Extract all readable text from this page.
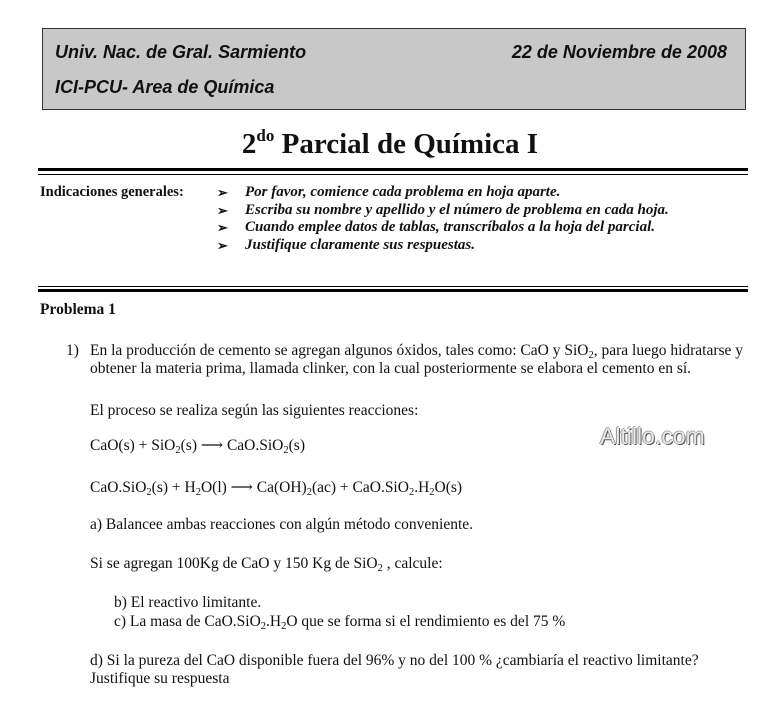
Univ. Nac. de Gral. Sarmiento	22 de Noviembre de 2008
ICI-PCU- Area de Química
$2^{do}$ Parcial de Química I
Indicaciones generales:	➢ Por favor, comience cada problema en hoja aparte.
➢ Escriba su nombre y apellido y el número de problema en cada hoja.
➢ Cuando emplee datos de tablas, transcríbalos a la hoja del parcial.
➢ Justifique claramente sus respuestas.
Problema 1
1) En la producción de cemento se agregan algunos óxidos, tales como: CaO y SiO$_2$, para luego hidratarse y obtener la materia prima, llamada clinker, con la cual posteriormente se elabora el cemento en sí.

El proceso se realiza según las siguientes reacciones:

CaO(s) + SiO$_2$(s) ⟶ CaO.SiO$_2$(s)

$CaO.SiO_2(s) + H_2O(l)$ ⟶ $Ca(OH)_2(ac) + CaO.SiO_2.H_2O(s)$

a) Balancee ambas reacciones con algún método conveniente.

Si se agregan 100Kg de CaO y 150 Kg de SiO$_2$ , calcule:

b) El reactivo limitante.

c) La masa de $CaO.SiO_2.H_2O$ que se forma si el rendimiento es del 75 %

d) Si la pureza del CaO disponible fuera del 96% y no del 100 % ¿cambiaría el reactivo limitante? Justifique su respuesta

Altillo.com
